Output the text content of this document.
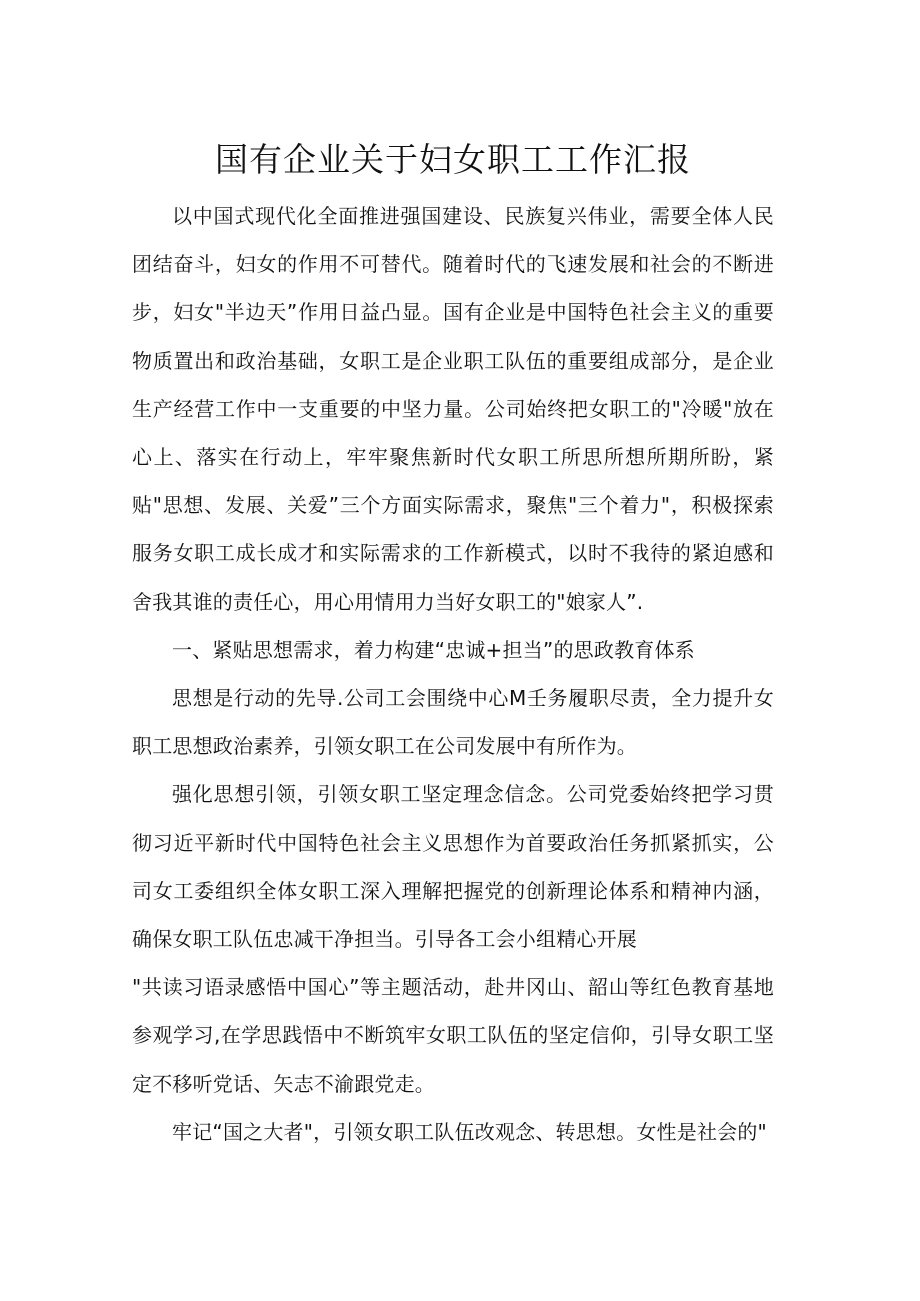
国有企业关于妇女职工工作汇报

以中国式现代化全面推进强国建设、民族复兴伟业，需要全体人民团结奋斗，妇女的作用不可替代。随着时代的飞速发展和社会的不断进步，妇女"半边天”作用日益凸显。国有企业是中国特色社会主义的重要物质置出和政治基础，女职工是企业职工队伍的重要组成部分，是企业生产经营工作中一支重要的中坚力量。公司始终把女职工的"冷暖"放在心上、落实在行动上，牢牢聚焦新时代女职工所思所想所期所盼，紧贴"思想、发展、关爱”三个方面实际需求，聚焦"三个着力"，积极探索服务女职工成长成才和实际需求的工作新模式，以时不我待的紧迫感和舍我其谁的责任心，用心用情用力当好女职工的"娘家人”.

一、紧贴思想需求，着力构建“忠诚+担当”的思政教育体系

思想是行动的先导.公司工会围绕中心M壬务履职尽责，全力提升女职工思想政治素养，引领女职工在公司发展中有所作为。

强化思想引领，引领女职工坚定理念信念。公司党委始终把学习贯彻习近平新时代中国特色社会主义思想作为首要政治任务抓紧抓实，公司女工委组织全体女职工深入理解把握党的创新理论体系和精神内涵，确保女职工队伍忠减干净担当。引导各工会小组精心开展

"共读习语录感悟中国心”等主题活动，赴井冈山、韶山等红色教育基地参观学习,在学思践悟中不断筑牢女职工队伍的坚定信仰，引导女职工坚定不移听党话、矢志不渝跟党走。

牢记“国之大者"，引领女职工队伍改观念、转思想。女性是社会的"
